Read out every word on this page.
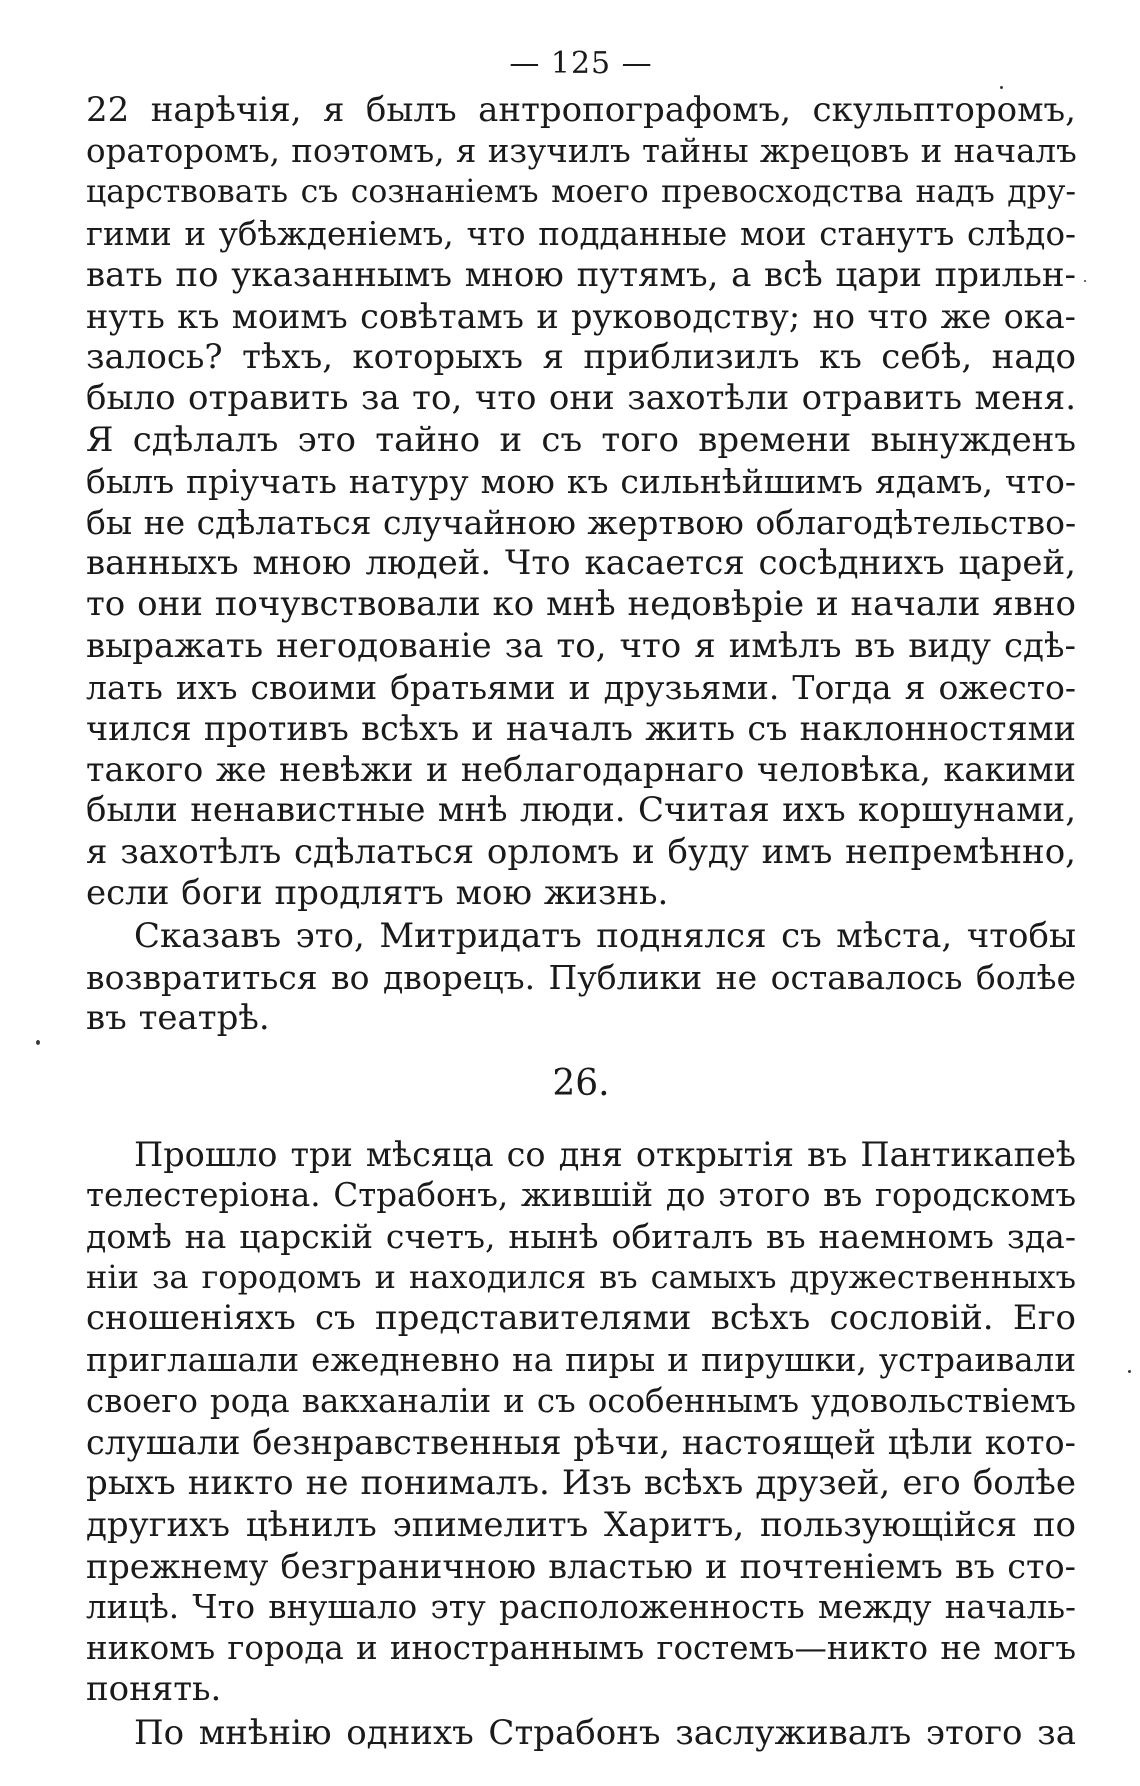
— 125 —
22 нарѣчія, я былъ антропографомъ, скульпторомъ,
ораторомъ, поэтомъ, я изучилъ тайны жрецовъ и началъ
царствовать съ сознаніемъ моего превосходства надъ дру-
гими и убѣжденіемъ, что подданные мои станутъ слѣдо-
вать по указаннымъ мною путямъ, а всѣ цари прильн-
нуть къ моимъ совѣтамъ и руководству; но что же ока-
залось? тѣхъ, которыхъ я приблизилъ къ себѣ, надо
было отравить за то, что они захотѣли отравить меня.
Я сдѣлалъ это тайно и съ того времени вынужденъ
былъ пріучать натуру мою къ сильнѣйшимъ ядамъ, что-
бы не сдѣлаться случайною жертвою облагодѣтельство-
ванныхъ мною людей. Что касается сосѣднихъ царей,
то они почувствовали ко мнѣ недовѣріе и начали явно
выражать негодованіе за то, что я имѣлъ въ виду сдѣ-
лать ихъ своими братьями и друзьями. Тогда я ожесто-
чился противъ всѣхъ и началъ жить съ наклонностями
такого же невѣжи и неблагодарнаго человѣка, какими
были ненавистные мнѣ люди. Считая ихъ коршунами,
я захотѣлъ сдѣлаться орломъ и буду имъ непремѣнно,
если боги продлятъ мою жизнь.
Сказавъ это, Митридатъ поднялся съ мѣста, чтобы
возвратиться во дворецъ. Публики не оставалось болѣе
въ театрѣ.
26.
Прошло три мѣсяца со дня открытія въ Пантикапеѣ
телестеріона. Страбонъ, жившій до этого въ городскомъ
домѣ на царскій счетъ, нынѣ обиталъ въ наемномъ зда-
ніи за городомъ и находился въ самыхъ дружественныхъ
сношеніяхъ съ представителями всѣхъ сословій. Его
приглашали ежедневно на пиры и пирушки, устраивали
своего рода вакханаліи и съ особеннымъ удовольствіемъ
слушали безнравственныя рѣчи, настоящей цѣли кото-
рыхъ никто не понималъ. Изъ всѣхъ друзей, его болѣе
другихъ цѣнилъ эпимелитъ Харитъ, пользующійся по
прежнему безграничною властью и почтеніемъ въ сто-
лицѣ. Что внушало эту расположенность между началь-
никомъ города и иностраннымъ гостемъ—никто не могъ
понять.
По мнѣнію однихъ Страбонъ заслуживалъ этого за
